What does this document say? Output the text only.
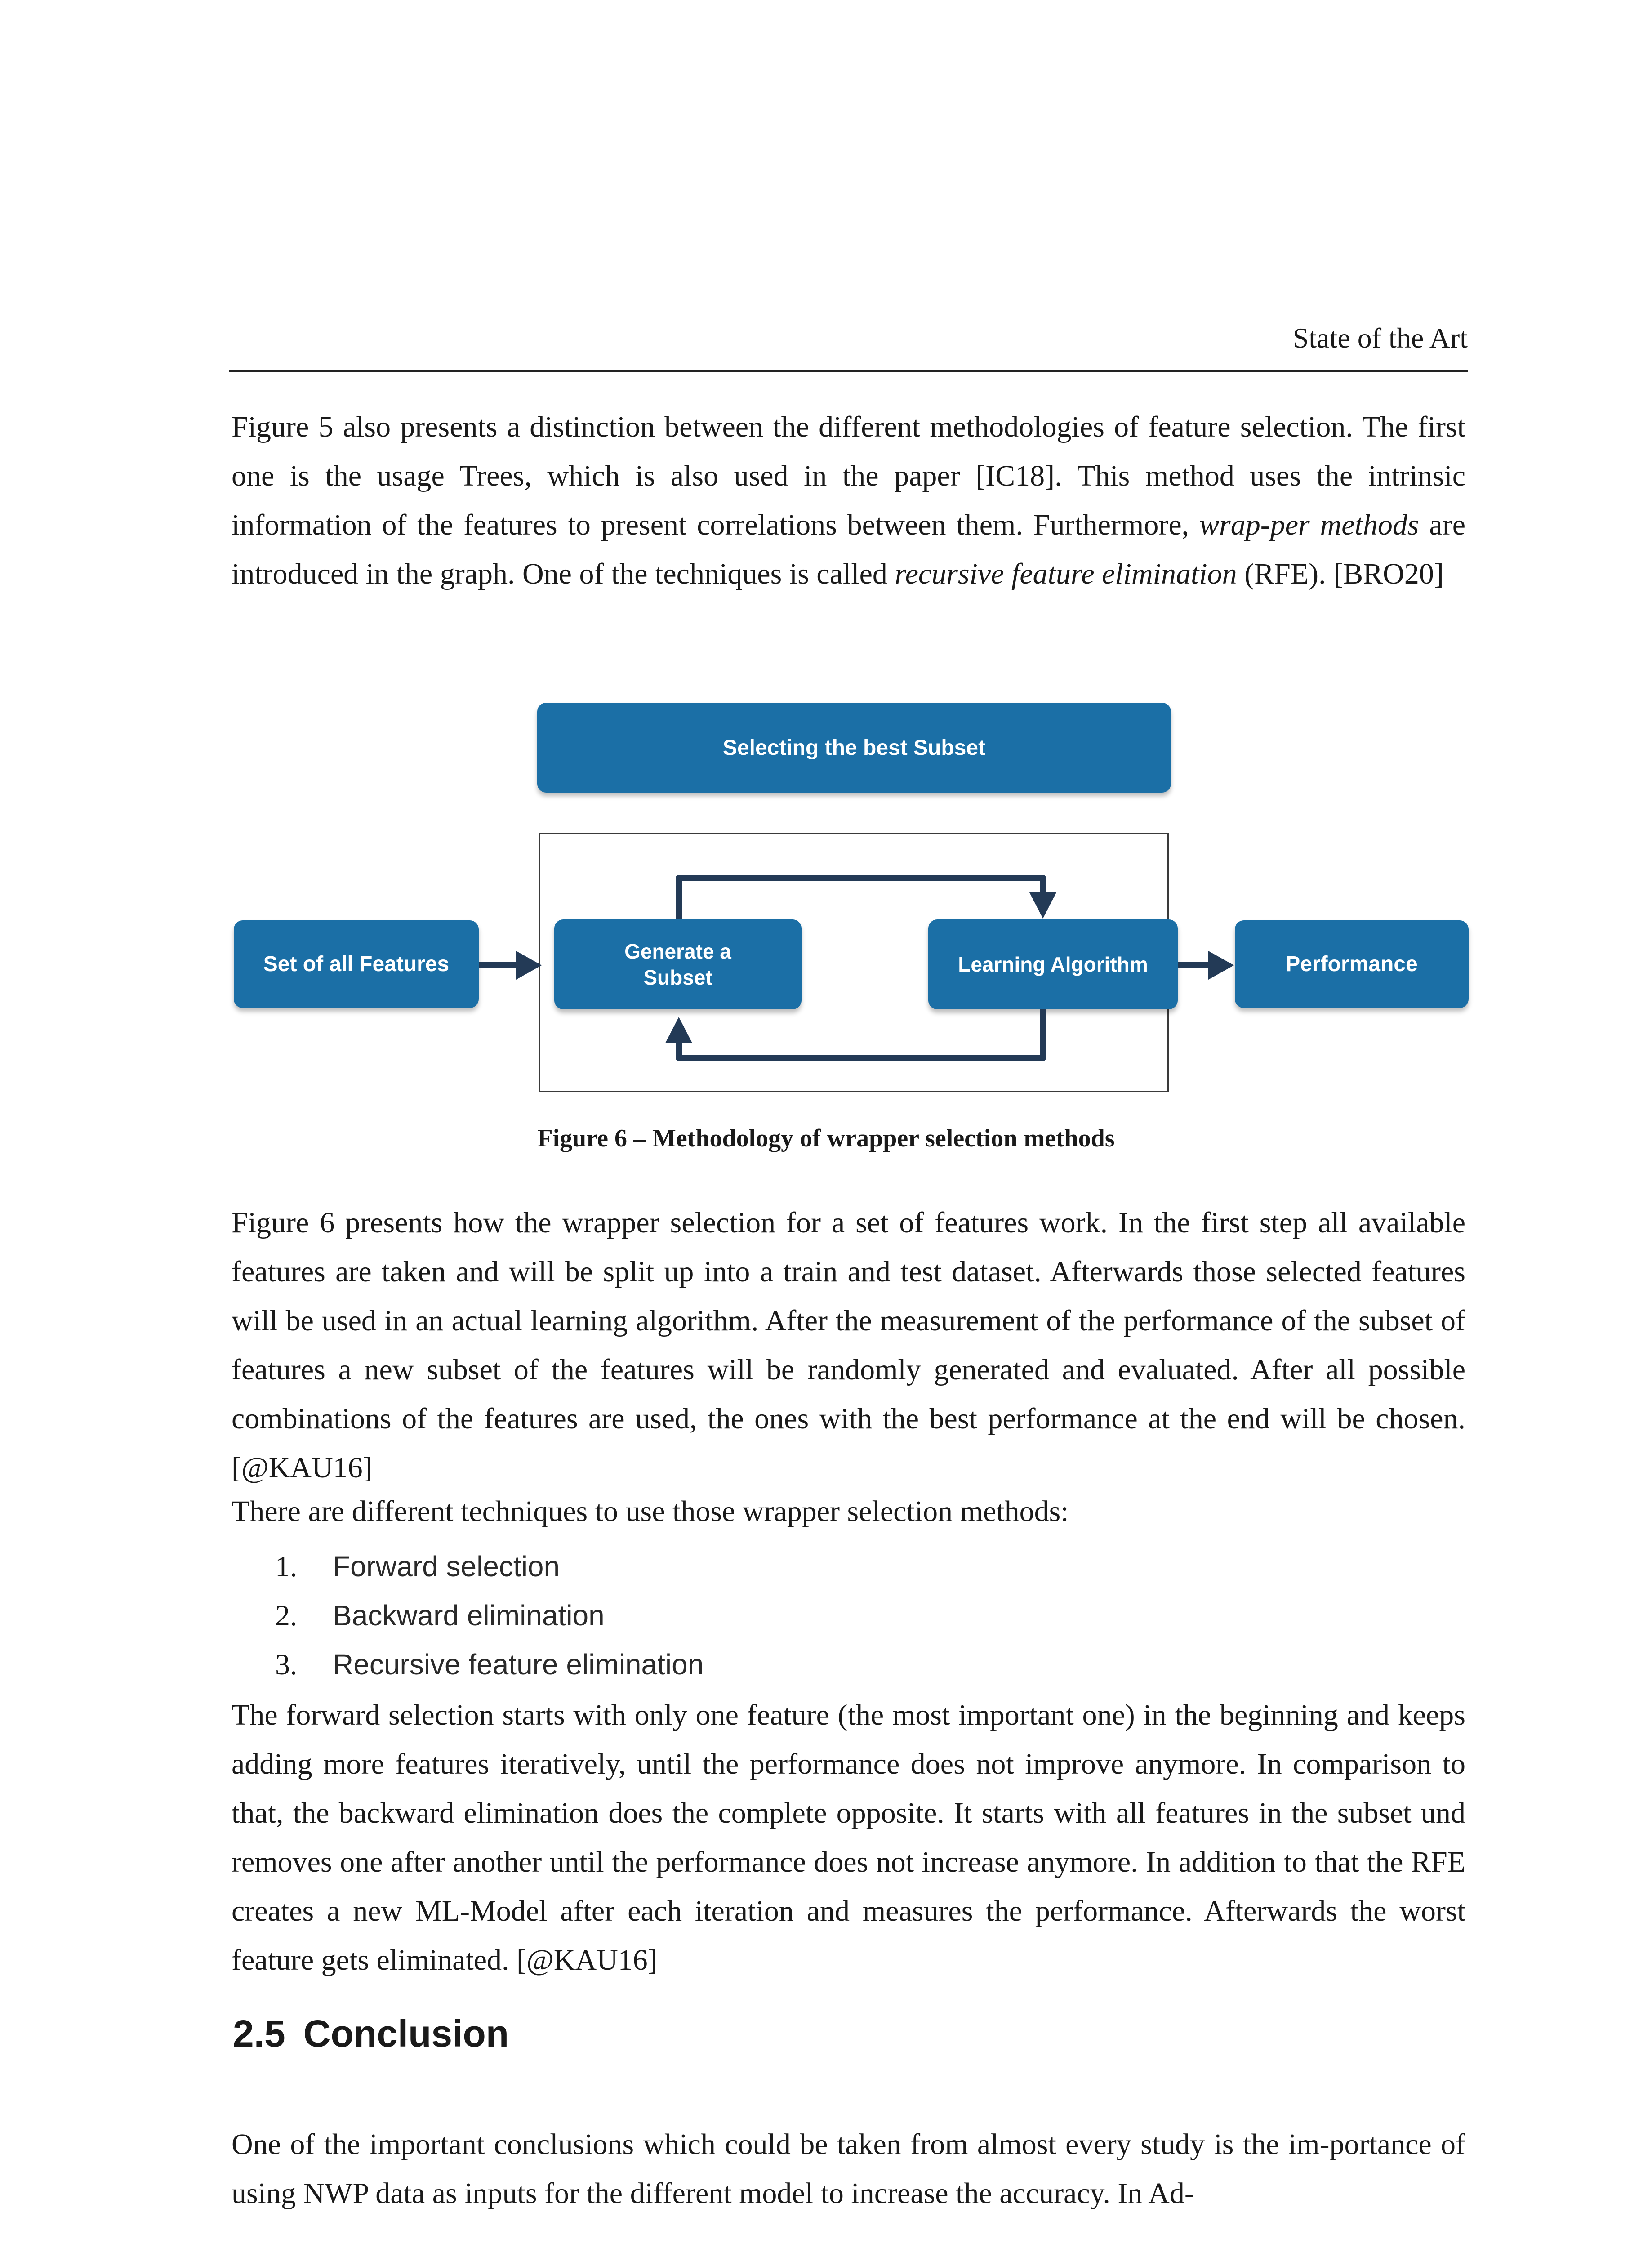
State of the Art

Figure 5 also presents a distinction between the different methodologies of feature selection. The first one is the usage Trees, which is also used in the paper [IC18]. This method uses the intrinsic information of the features to present correlations between them. Furthermore, wrap-per methods are introduced in the graph. One of the techniques is called recursive feature elimination (RFE). [BRO20]

Selecting the best Subset
Set of all Features
Generate a Subset
Learning Algorithm	Performance
Figure 6 – Methodology of wrapper selection methods

Figure 6 presents how the wrapper selection for a set of features work. In the first step all available features are taken and will be split up into a train and test dataset. Afterwards those selected features will be used in an actual learning algorithm. After the measurement of the performance of the subset of features a new subset of the features will be randomly generated and evaluated. After all possible combinations of the features are used, the ones with the best performance at the end will be chosen. [@KAU16]

There are different techniques to use those wrapper selection methods:
1. Forward selection
2. Backward elimination
3. Recursive feature elimination

The forward selection starts with only one feature (the most important one) in the beginning and keeps adding more features iteratively, until the performance does not improve anymore. In comparison to that, the backward elimination does the complete opposite. It starts with all features in the subset und removes one after another until the performance does not increase anymore. In addition to that the RFE creates a new ML-Model after each iteration and measures the performance. Afterwards the worst feature gets eliminated. [@KAU16]

2.5 Conclusion

One of the important conclusions which could be taken from almost every study is the im-portance of using NWP data as inputs for the different model to increase the accuracy. In Ad-
